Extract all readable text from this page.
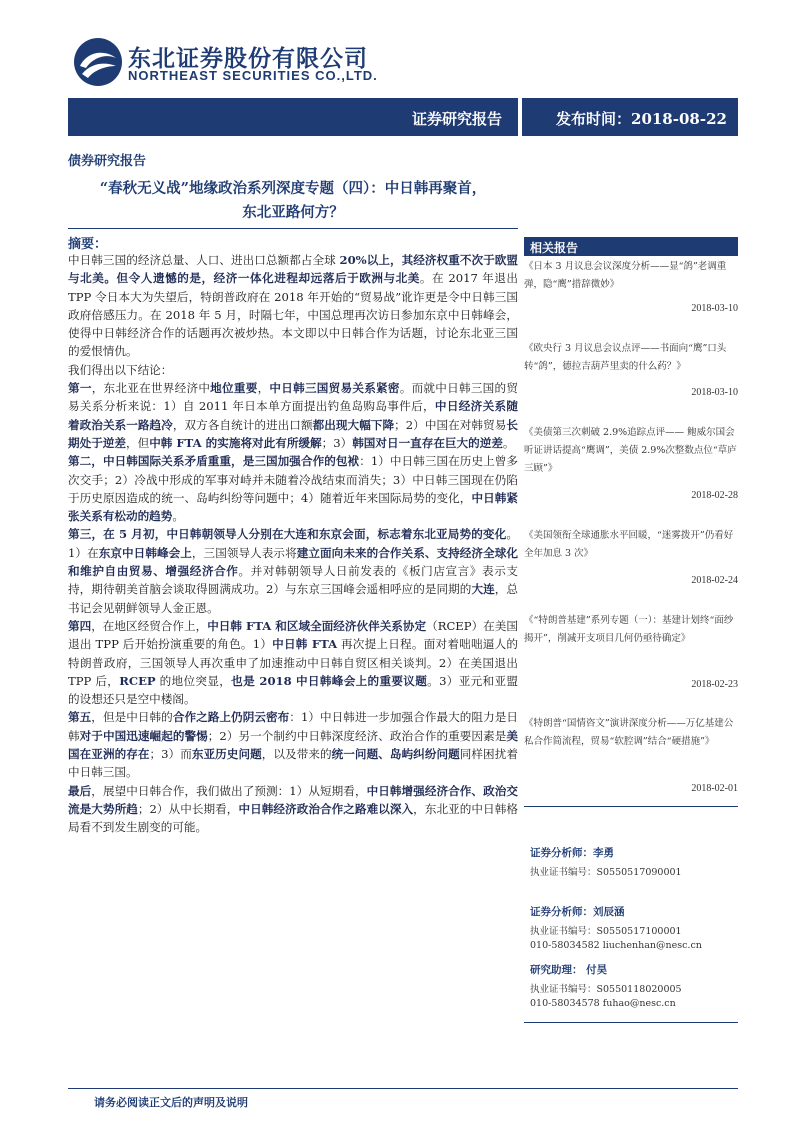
东北证券股份有限公司
NORTHEAST SECURITIES CO.,LTD.
证券研究报告	发布时间：2018-08-22
债券研究报告
“春秋无义战”地缘政治系列深度专题（四）：中日韩再聚首，
东北亚路何方？
摘要：

中日韩三国的经济总量、人口、进出口总额都占全球 20%以上，其经济权重不次于欧盟与北美。但令人遗憾的是，经济一体化进程却远落后于欧洲与北美。在 2017 年退出 TPP 令日本大为失望后，特朗普政府在 2018 年开始的“贸易战”讹诈更是令中日韩三国政府倍感压力。在 2018 年 5 月，时隔七年，中国总理再次访日参加东京中日韩峰会，使得中日韩经济合作的话题再次被炒热。本文即以中日韩合作为话题，讨论东北亚三国的爱恨情仇。

我们得出以下结论：

第一，东北亚在世界经济中地位重要，中日韩三国贸易关系紧密。而就中日韩三国的贸易关系分析来说：1）自 2011 年日本单方面提出钓鱼岛购岛事件后，中日经济关系随着政治关系一路趋冷，双方各自统计的进出口额都出现大幅下降；2）中国在对韩贸易长期处于逆差，但中韩 FTA 的实施将对此有所缓解；3）韩国对日一直存在巨大的逆差。

第二，中日韩国际关系矛盾重重，是三国加强合作的包袱：1）中日韩三国在历史上曾多次交手；2）冷战中形成的军事对峙并未随着冷战结束而消失；3）中日韩三国现在仍陷于历史原因造成的统一、岛屿纠纷等问题中；4）随着近年来国际局势的变化，中日韩紧张关系有松动的趋势。

第三，在 5 月初，中日韩朝领导人分别在大连和东京会面，标志着东北亚局势的变化。1）在东京中日韩峰会上，三国领导人表示将建立面向未来的合作关系、支持经济全球化和维护自由贸易、增强经济合作。并对韩朝领导人日前发表的《板门店宣言》表示支持，期待朝美首脑会谈取得圆满成功。2）与东京三国峰会遥相呼应的是同期的大连，总书记会见朝鲜领导人金正恩。

第四，在地区经贸合作上，中日韩 FTA 和区域全面经济伙伴关系协定（RCEP）在美国退出 TPP 后开始扮演重要的角色。1）中日韩 FTA 再次提上日程。面对着咄咄逼人的特朗普政府，三国领导人再次重申了加速推动中日韩自贸区相关谈判。2）在美国退出 TPP 后，RCEP 的地位突显，也是 2018 中日韩峰会上的重要议题。3）亚元和亚盟的设想还只是空中楼阁。

第五，但是中日韩的合作之路上仍阴云密布：1）中日韩进一步加强合作最大的阻力是日韩对于中国迅速崛起的警惕；2）另一个制约中日韩深度经济、政治合作的重要因素是美国在亚洲的存在；3）而东亚历史问题，以及带来的统一问题、岛屿纠纷问题同样困扰着中日韩三国。

最后，展望中日韩合作，我们做出了预测：1）从短期看，中日韩增强经济合作、政治交流是大势所趋；2）从中长期看，中日韩经济政治合作之路难以深入，东北亚的中日韩格局看不到发生剧变的可能。

相关报告
《日本 3 月议息会议深度分析——显“鸽”老调重弹，隐“鹰”措辞微妙》
2018-03-10
《欧央行 3 月议息会议点评——书面向“鹰”口头转“鸽”，德拉吉葫芦里卖的什么药？》
2018-03-10
《美债第三次刺破 2.9%追踪点评—— 鲍威尔国会听证讲话提高“鹰调”，美债 2.9%次整数点位“草庐三顾”》
2018-02-28
《美国领衔全球通胀水平回暖，“迷雾拨开”仍看好全年加息 3 次》
2018-02-24
《“特朗普基建”系列专题（一）：基建计划终“面纱揭开”，削减开支项目几何仍亟待确定》
2018-02-23
《特朗普“国情咨文”演讲深度分析——万亿基建公私合作简流程，贸易“软腔调”结合“硬措施”》
2018-02-01
证券分析师：李勇
执业证书编号：S0550517090001
证券分析师：刘辰涵
执业证书编号：S0550517100001
010-58034582 liuchenhan@nesc.cn
研究助理： 付昊
执业证书编号：S0550118020005
010-58034578 fuhao@nesc.cn
请务必阅读正文后的声明及说明
